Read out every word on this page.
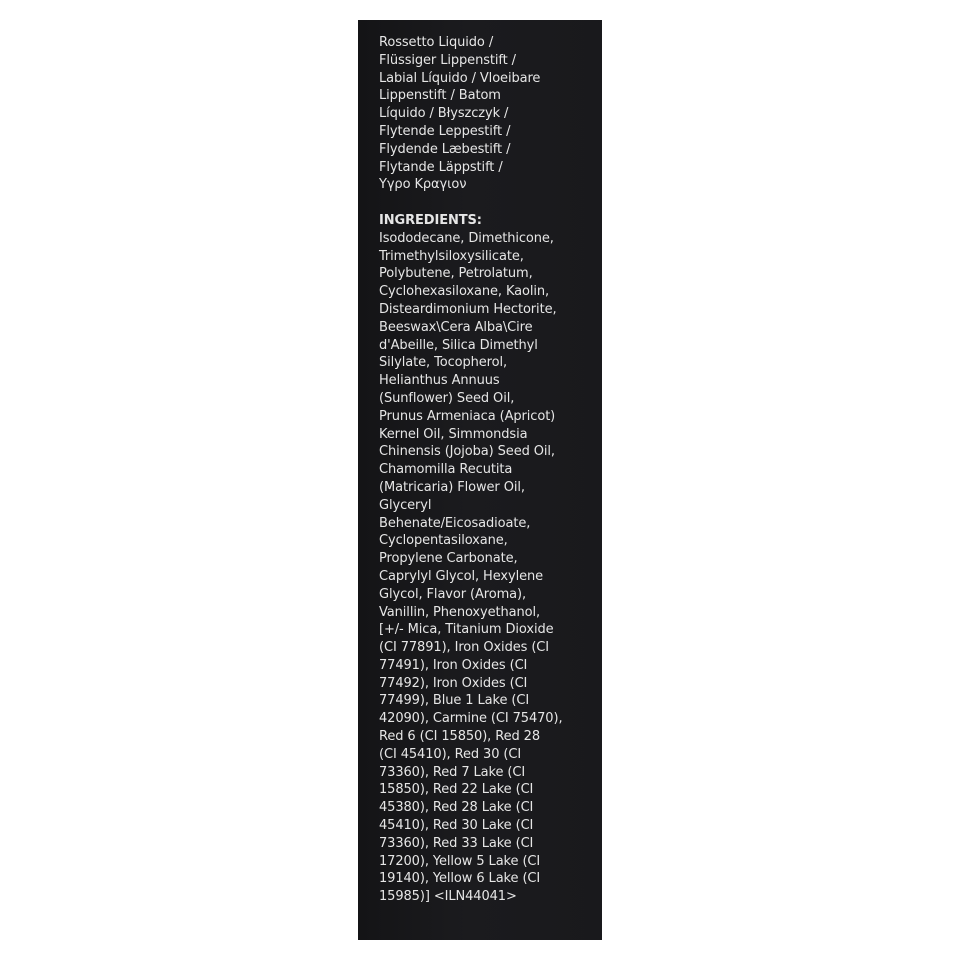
Rossetto Liquido /
Flüssiger Lippenstift /
Labial Líquido / Vloeibare
Lippenstift / Batom
Líquido / Błyszczyk /
Flytende Leppestift /
Flydende Læbestift /
Flytande Läppstift /
Υγρο Κραγιον
INGREDIENTS:
Isododecane, Dimethicone,
Trimethylsiloxysilicate,
Polybutene, Petrolatum,
Cyclohexasiloxane, Kaolin,
Disteardimonium Hectorite,
Beeswax\Cera Alba\Cire
d'Abeille, Silica Dimethyl
Silylate, Tocopherol,
Helianthus Annuus
(Sunflower) Seed Oil,
Prunus Armeniaca (Apricot)
Kernel Oil, Simmondsia
Chinensis (Jojoba) Seed Oil,
Chamomilla Recutita
(Matricaria) Flower Oil,
Glyceryl
Behenate/Eicosadioate,
Cyclopentasiloxane,
Propylene Carbonate,
Caprylyl Glycol, Hexylene
Glycol, Flavor (Aroma),
Vanillin, Phenoxyethanol,
[+/- Mica, Titanium Dioxide
(CI 77891), Iron Oxides (CI
77491), Iron Oxides (CI
77492), Iron Oxides (CI
77499), Blue 1 Lake (CI
42090), Carmine (CI 75470),
Red 6 (CI 15850), Red 28
(CI 45410), Red 30 (CI
73360), Red 7 Lake (CI
15850), Red 22 Lake (CI
45380), Red 28 Lake (CI
45410), Red 30 Lake (CI
73360), Red 33 Lake (CI
17200), Yellow 5 Lake (CI
19140), Yellow 6 Lake (CI
15985)] <ILN44041>
